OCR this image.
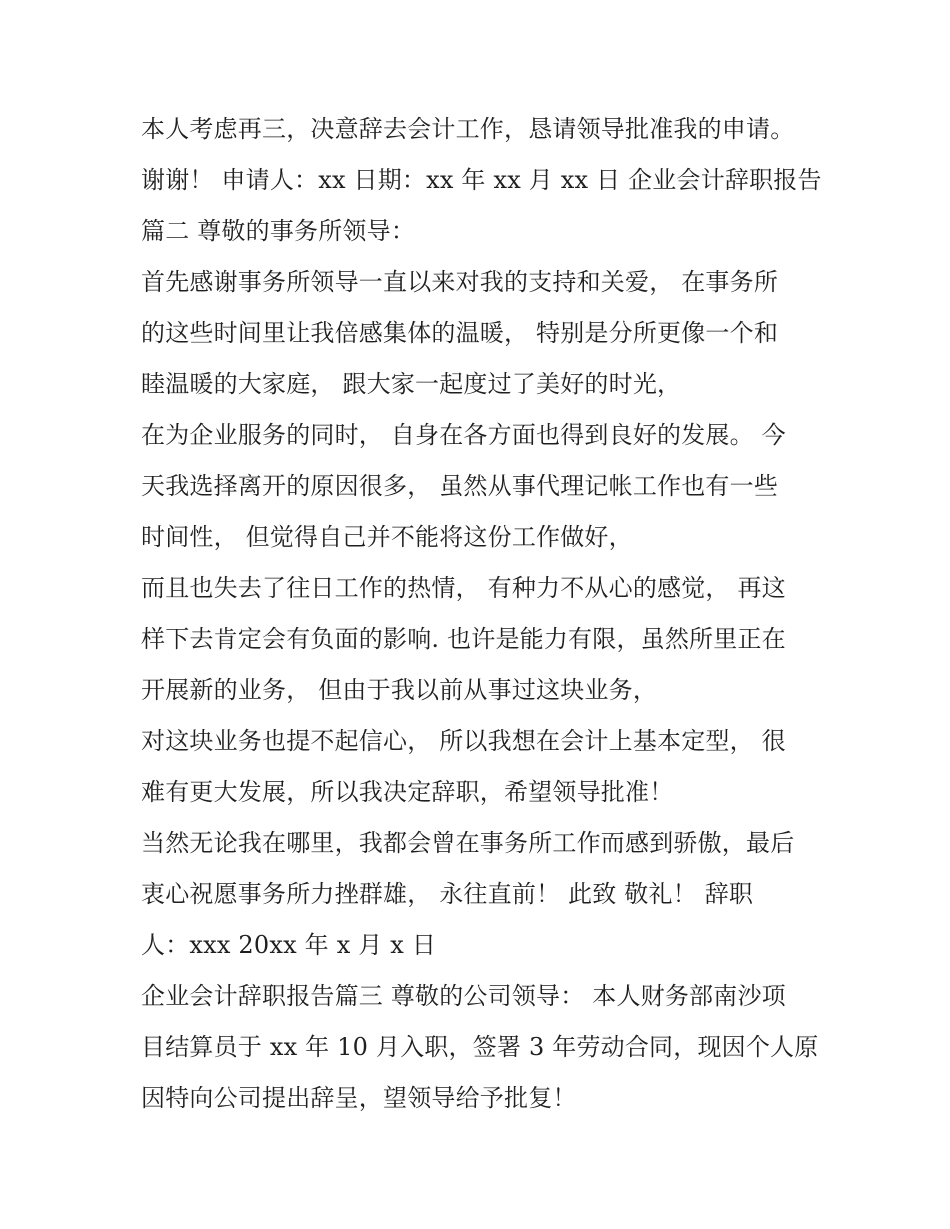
本人考虑再三，决意辞去会计工作，恳请领导批准我的申请。
谢谢！ 申请人：xx 日期：xx 年 xx 月 xx 日 企业会计辞职报告
篇二 尊敬的事务所领导：
首先感谢事务所领导一直以来对我的支持和关爱， 在事务所
的这些时间里让我倍感集体的温暖， 特别是分所更像一个和
睦温暖的大家庭， 跟大家一起度过了美好的时光，
在为企业服务的同时， 自身在各方面也得到良好的发展。 今
天我选择离开的原因很多， 虽然从事代理记帐工作也有一些
时间性， 但觉得自己并不能将这份工作做好，
而且也失去了往日工作的热情， 有种力不从心的感觉， 再这
样下去肯定会有负面的影响. 也许是能力有限，虽然所里正在
开展新的业务， 但由于我以前从事过这块业务，
对这块业务也提不起信心， 所以我想在会计上基本定型， 很
难有更大发展，所以我决定辞职，希望领导批准！
当然无论我在哪里，我都会曾在事务所工作而感到骄傲，最后
衷心祝愿事务所力挫群雄， 永往直前！ 此致 敬礼！ 辞职
人：xxx 20xx 年 x 月 x 日
企业会计辞职报告篇三 尊敬的公司领导： 本人财务部南沙项
目结算员于 xx 年 10 月入职，签署 3 年劳动合同，现因个人原
因特向公司提出辞呈，望领导给予批复！
